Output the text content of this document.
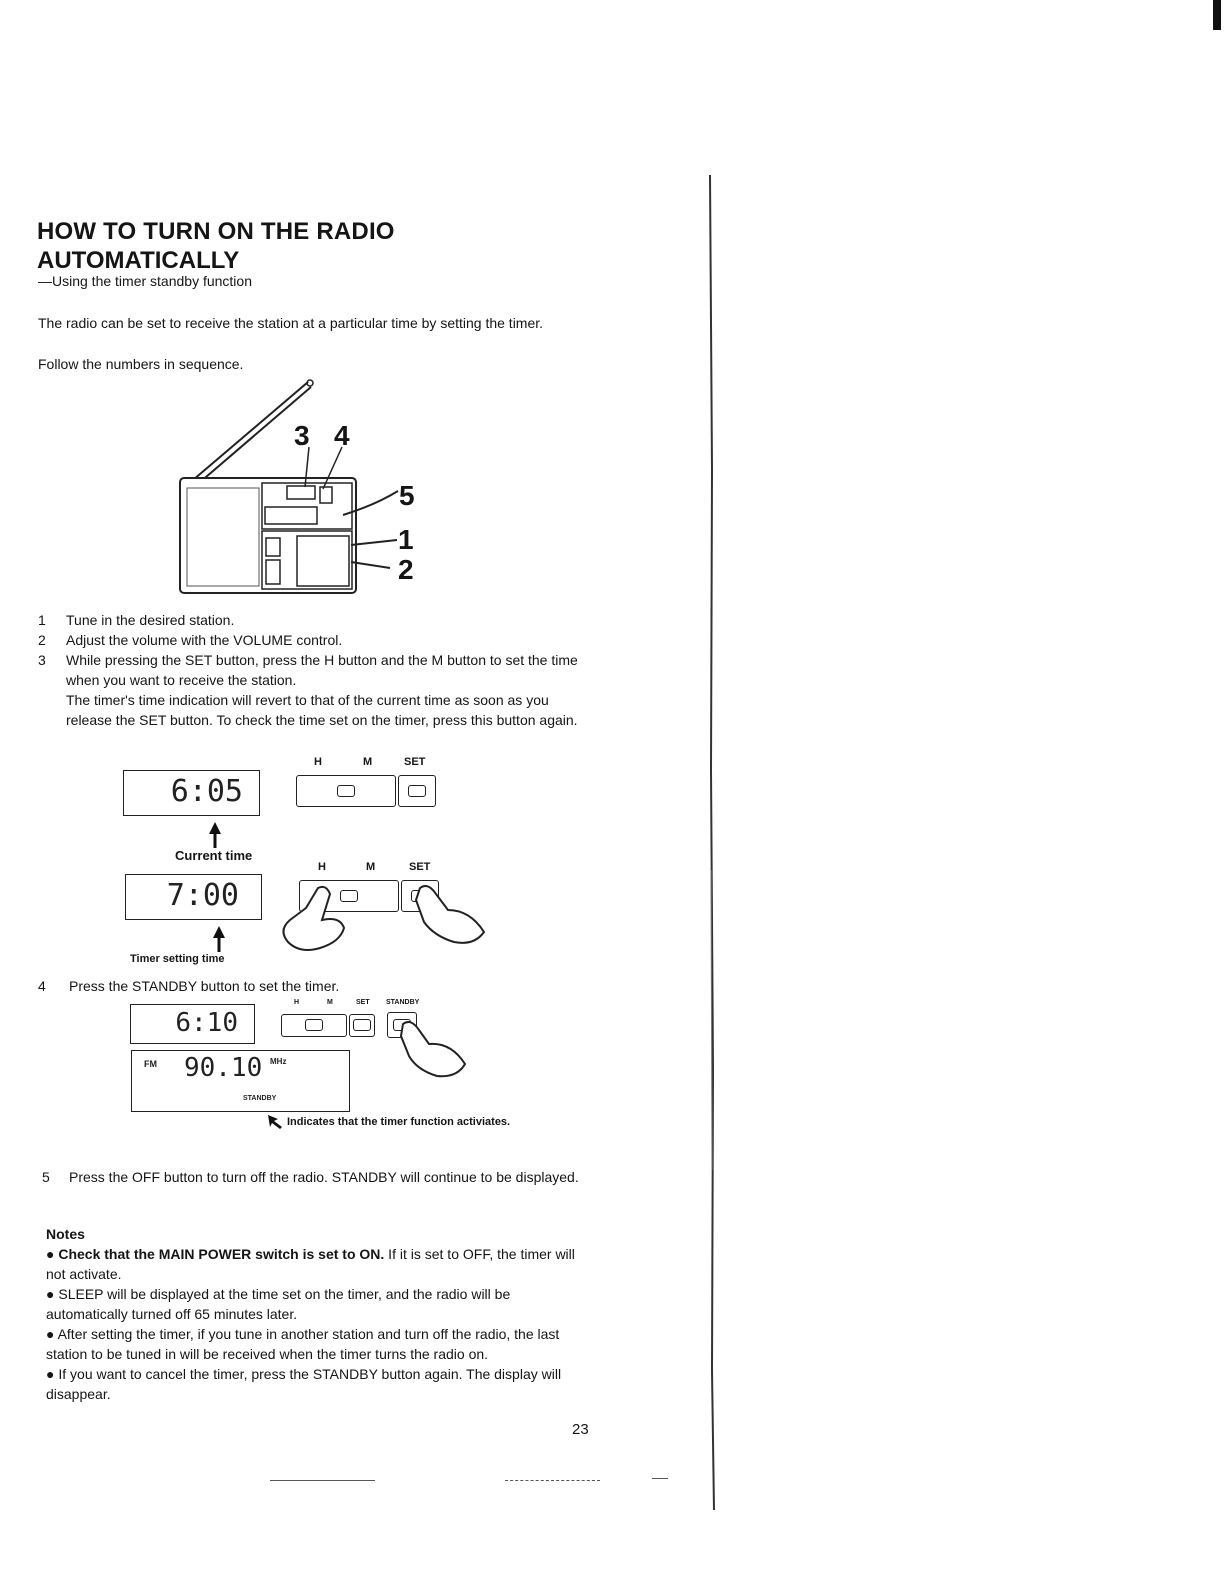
HOW TO TURN ON THE RADIO
AUTOMATICALLY
—Using the timer standby function
The radio can be set to receive the station at a particular time by setting the timer.
Follow the numbers in sequence.
3 4
5
1
2
1	Tune in the desired station.
2	Adjust the volume with the VOLUME control.
3	While pressing the SET button, press the H button and the M button to set the time when you want to receive the station.
The timer's time indication will revert to that of the current time as soon as you release the SET button. To check the time set on the timer, press this button again.
H	M	SET
6:05
Current time
H	M	SET
7:00
Timer setting time
4	Press the STANDBY button to set the timer.
H	M	SET STANDBY
6:10
FM 90.10 MHz
STANDBY
Indicates that the timer function activiates.
5	Press the OFF button to turn off the radio. STANDBY will continue to be displayed.
Notes
● Check that the MAIN POWER switch is set to ON. If it is set to OFF, the timer will not activate.
● SLEEP will be displayed at the time set on the timer, and the radio will be automatically turned off 65 minutes later.
● After setting the timer, if you tune in another station and turn off the radio, the last station to be tuned in will be received when the timer turns the radio on.
● If you want to cancel the timer, press the STANDBY button again. The display will disappear.
23
